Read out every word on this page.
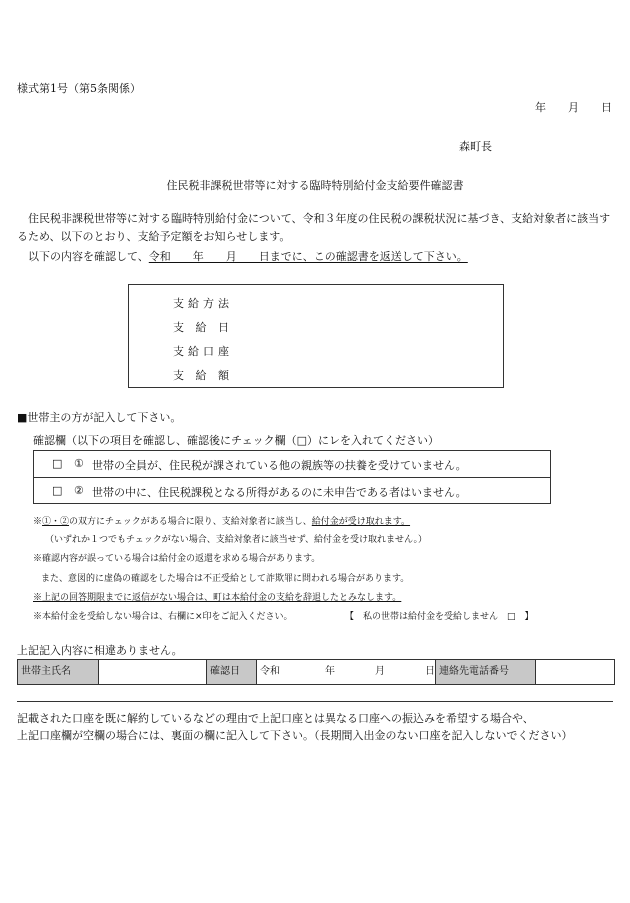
様式第1号（第5条関係）
年 月 日
森町長
住民税非課税世帯等に対する臨時特別給付金支給要件確認書
住民税非課税世帯等に対する臨時特別給付金について、令和３年度の住民税の課税状況に基づき、支給対象者に該当するため、以下のとおり、支給予定額をお知らせします。
以下の内容を確認して、令和　　年　　月　　日までに、この確認書を返送して下さい。
支給方法
支 給 日
支給口座
支 給 額
■世帯主の方が記入して下さい。
確認欄（以下の項目を確認し、確認後にチェック欄（□）にレを入れてください）
□ ① 世帯の全員が、住民税が課されている他の親族等の扶養を受けていません。
□ ② 世帯の中に、住民税課税となる所得があるのに未申告である者はいません。
※①・②の双方にチェックがある場合に限り、支給対象者に該当し、給付金が受け取れます。
（いずれか１つでもチェックがない場合、支給対象者に該当せず、給付金を受け取れません。）
※確認内容が誤っている場合は給付金の返還を求める場合があります。
また、意図的に虚偽の確認をした場合は不正受給として詐欺罪に問われる場合があります。
※上記の回答期限までに返信がない場合は、町は本給付金の支給を辞退したとみなします。
※本給付金を受給しない場合は、右欄に×印をご記入ください。	【　私の世帯は給付金を受給しません　□　】
上記記入内容に相違ありません。
世帯主氏名	確認日	令和	年	月	日 連絡先電話番号
記載された口座を既に解約しているなどの理由で上記口座とは異なる口座への振込みを希望する場合や、
上記口座欄が空欄の場合には、裏面の欄に記入して下さい。（長期間入出金のない口座を記入しないでください）
